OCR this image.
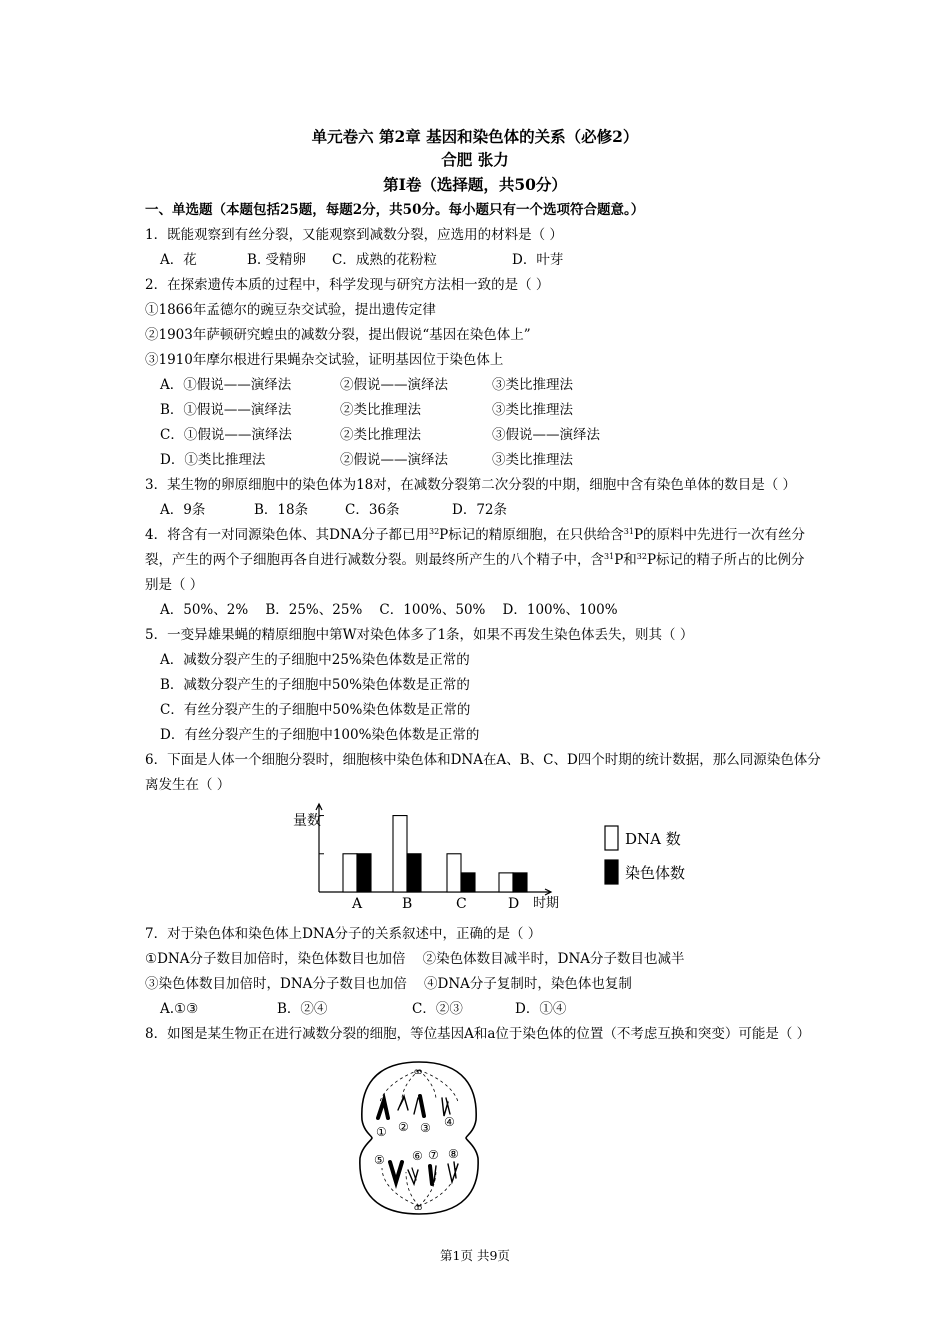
单元卷六 第2章 基因和染色体的关系（必修2）
合肥 张力
第Ⅰ卷（选择题，共50分）
一、单选题（本题包括25题，每题2分，共50分。每小题只有一个选项符合题意。）
1．既能观察到有丝分裂，又能观察到减数分裂，应选用的材料是（ ）
A．花	B. 受精卵 C．成熟的花粉粒	D．叶芽
2．在探索遗传本质的过程中，科学发现与研究方法相一致的是（ ）
①1866年孟德尔的豌豆杂交试验，提出遗传定律
②1903年萨顿研究蝗虫的减数分裂，提出假说“基因在染色体上”
③1910年摩尔根进行果蝇杂交试验，证明基因位于染色体上
A．①假说——演绎法	②假说——演绎法	③类比推理法
B．①假说——演绎法	②类比推理法	③类比推理法
C．①假说——演绎法	②类比推理法	③假说——演绎法
D．①类比推理法	②假说——演绎法	③类比推理法
3．某生物的卵原细胞中的染色体为18对，在减数分裂第二次分裂的中期，细胞中含有染色单体的数目是（ ）
A．9条	B．18条	C．36条	D．72条
4．将含有一对同源染色体、其DNA分子都已用$^{32}$P标记的精原细胞，在只供给含$^{31}$P的原料中先进行一次有丝分
裂，产生的两个子细胞再各自进行减数分裂。则最终所产生的八个精子中，含$^{31}$P和$^{32}$P标记的精子所占的比例分
别是（ ）
A．50%、2%    B．25%、25%    C．100%、50%    D．100%、100%
5．一变异雄果蝇的精原细胞中第W对染色体多了1条，如果不再发生染色体丢失，则其（ ）
A．减数分裂产生的子细胞中25%染色体数是正常的
B．减数分裂产生的子细胞中50%染色体数是正常的
C．有丝分裂产生的子细胞中50%染色体数是正常的
D．有丝分裂产生的子细胞中100%染色体数是正常的
6．下面是人体一个细胞分裂时，细胞核中染色体和DNA在A、B、C、D四个时期的统计数据，那么同源染色体分
离发生在（ ）
量数
时期
A	B	C	D
DNA 数
染色体数
7．对于染色体和染色体上DNA分子的关系叙述中，正确的是（ ）
①DNA分子数目加倍时，染色体数目也加倍    ②染色体数目减半时，DNA分子数目也减半
③染色体数目加倍时，DNA分子数目也加倍    ④DNA分子复制时，染色体也复制
A.①③	B．②④	C．②③	D．①④
8．如图是某生物正在进行减数分裂的细胞，等位基因A和a位于染色体的位置（不考虑互换和突变）可能是（ ）
ꝏ
ꝏ
① ② ③ ④
⑤ ⑥ ⑦ ⑧
第1页 共9页
